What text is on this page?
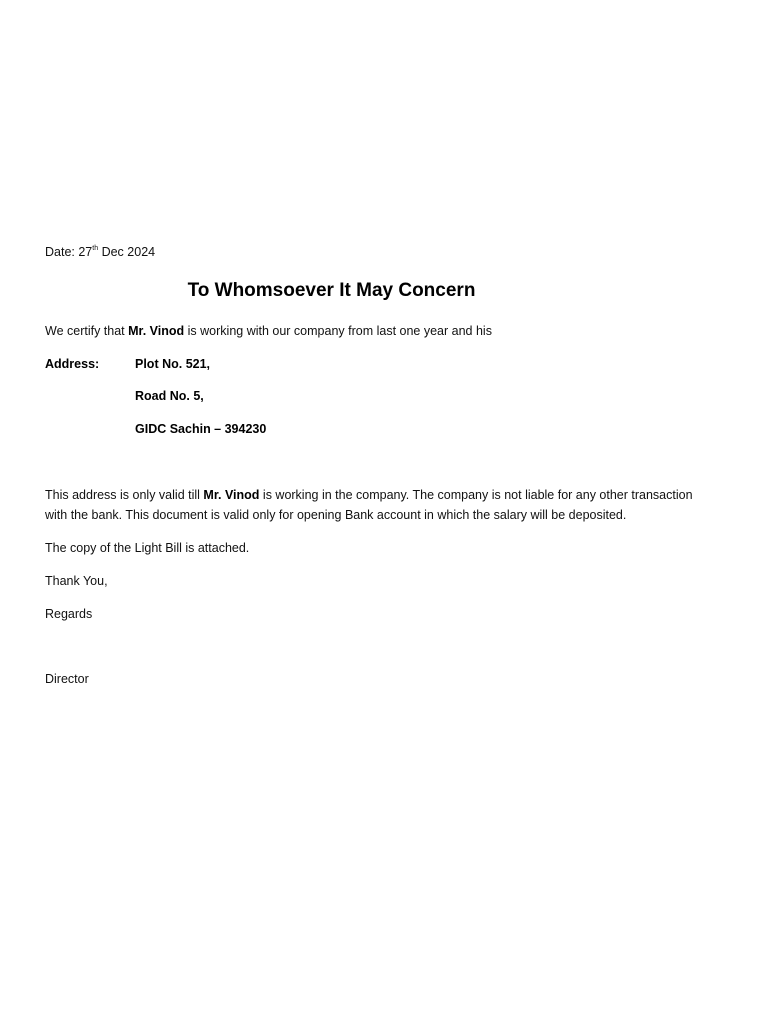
Date: 27th Dec 2024
To Whomsoever It May Concern
We certify that Mr. Vinod is working with our company from last one year and his
Address:	Plot No. 521,
Road No. 5,
GIDC Sachin – 394230
This address is only valid till Mr. Vinod is working in the company. The company is not liable for any other transaction with the bank. This document is valid only for opening Bank account in which the salary will be deposited.
The copy of the Light Bill is attached.
Thank You,
Regards
Director
